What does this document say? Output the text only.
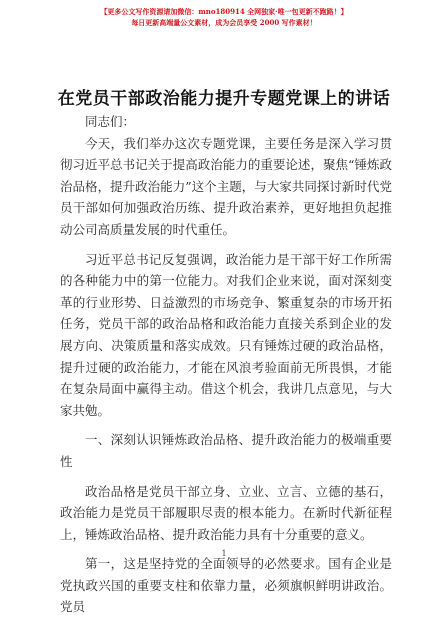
【更多公文写作资源请加微信：mno180914 全网独家·唯一包更新不跑路！】
每日更新高端量公文素材，成为会员享受 2000 写作素材！
在党员干部政治能力提升专题党课上的讲话

同志们：

今天，我们举办这次专题党课，主要任务是深入学习贯彻习近平总书记关于提高政治能力的重要论述，聚焦“锤炼政治品格，提升政治能力”这个主题，与大家共同探讨新时代党员干部如何加强政治历练、提升政治素养，更好地担负起推动公司高质量发展的时代重任。

习近平总书记反复强调，政治能力是干部干好工作所需的各种能力中的第一位能力。对我们企业来说，面对深刻变革的行业形势、日益激烈的市场竞争、繁重复杂的市场开拓任务，党员干部的政治品格和政治能力直接关系到企业的发展方向、决策质量和落实成效。只有锤炼过硬的政治品格，提升过硬的政治能力，才能在风浪考验面前无所畏惧，才能在复杂局面中赢得主动。借这个机会，我讲几点意见，与大家共勉。

一、深刻认识锤炼政治品格、提升政治能力的极端重要性

政治品格是党员干部立身、立业、立言、立德的基石，政治能力是党员干部履职尽责的根本能力。在新时代新征程上，锤炼政治品格、提升政治能力具有十分重要的意义。

第一，这是坚持党的全面领导的必然要求。国有企业是党执政兴国的重要支柱和依靠力量，必须旗帜鲜明讲政治。党员

1
